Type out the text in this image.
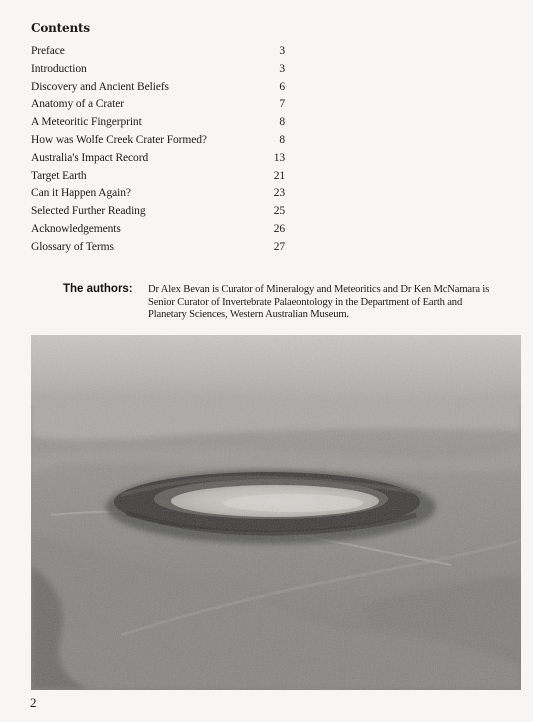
Contents
Preface	3
Introduction	3
Discovery and Ancient Beliefs	6
Anatomy of a Crater	7
A Meteoritic Fingerprint	8
How was Wolfe Creek Crater Formed?	8
Australia's Impact Record	13
Target Earth	21
Can it Happen Again?	23
Selected Further Reading	25
Acknowledgements	26
Glossary of Terms	27
The authors:	Dr Alex Bevan is Curator of Mineralogy and Meteoritics and Dr Ken McNamara is Senior Curator of Invertebrate Palaeontology in the Department of Earth and Planetary Sciences, Western Australian Museum.
2
